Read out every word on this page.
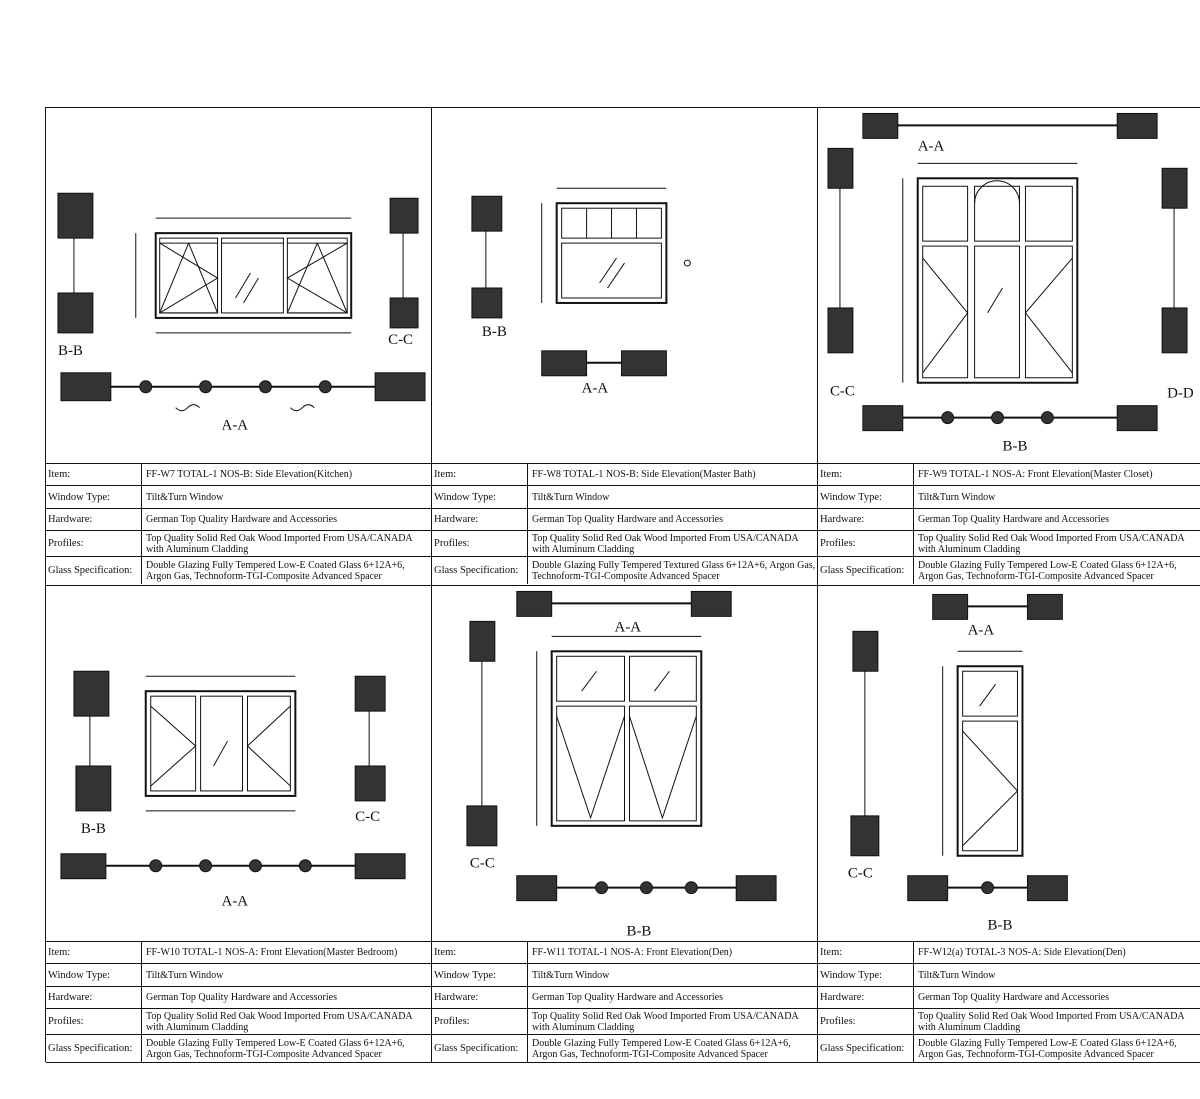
B-B
C-C
A-A
Item:	FF-W7 TOTAL-1 NOS-B: Side Elevation(Kitchen)
Window Type:	Tilt&Turn Window
Hardware:	German Top Quality Hardware and Accessories
Profiles:	Top Quality Solid Red Oak Wood Imported From USA/CANADA with Aluminum Cladding
Glass Specification:	Double Glazing Fully Tempered Low-E Coated Glass 6+12A+6, Argon Gas, Technoform-TGI-Composite Advanced Spacer
B-B
A-A
Item:	FF-W8 TOTAL-1 NOS-B: Side Elevation(Master Bath)
Window Type:	Tilt&Turn Window
Hardware:	German Top Quality Hardware and Accessories
Profiles:	Top Quality Solid Red Oak Wood Imported From USA/CANADA with Aluminum Cladding
Glass Specification:	Double Glazing Fully Tempered Textured Glass 6+12A+6, Argon Gas, Technoform-TGI-Composite Advanced Spacer
A-A
C-C	D-D
B-B
Item:	FF-W9 TOTAL-1 NOS-A: Front Elevation(Master Closet)
Window Type:	Tilt&Turn Window
Hardware:	German Top Quality Hardware and Accessories
Profiles:	Top Quality Solid Red Oak Wood Imported From USA/CANADA with Aluminum Cladding
Glass Specification:	Double Glazing Fully Tempered Low-E Coated Glass 6+12A+6, Argon Gas, Technoform-TGI-Composite Advanced Spacer
B-B
C-C
A-A
Item:	FF-W10 TOTAL-1 NOS-A: Front Elevation(Master Bedroom)
Window Type:	Tilt&Turn Window
Hardware:	German Top Quality Hardware and Accessories
Profiles:	Top Quality Solid Red Oak Wood Imported From USA/CANADA with Aluminum Cladding
Glass Specification:	Double Glazing Fully Tempered Low-E Coated Glass 6+12A+6, Argon Gas, Technoform-TGI-Composite Advanced Spacer
A-A
C-C
B-B
Item:	FF-W11 TOTAL-1 NOS-A: Front Elevation(Den)
Window Type:	Tilt&Turn Window
Hardware:	German Top Quality Hardware and Accessories
Profiles:	Top Quality Solid Red Oak Wood Imported From USA/CANADA with Aluminum Cladding
Glass Specification:	Double Glazing Fully Tempered Low-E Coated Glass 6+12A+6, Argon Gas, Technoform-TGI-Composite Advanced Spacer
A-A
C-C
B-B
Item:	FF-W12(a) TOTAL-3 NOS-A: Side Elevation(Den)
Window Type:	Tilt&Turn Window
Hardware:	German Top Quality Hardware and Accessories
Profiles:	Top Quality Solid Red Oak Wood Imported From USA/CANADA with Aluminum Cladding
Glass Specification:	Double Glazing Fully Tempered Low-E Coated Glass 6+12A+6, Argon Gas, Technoform-TGI-Composite Advanced Spacer
